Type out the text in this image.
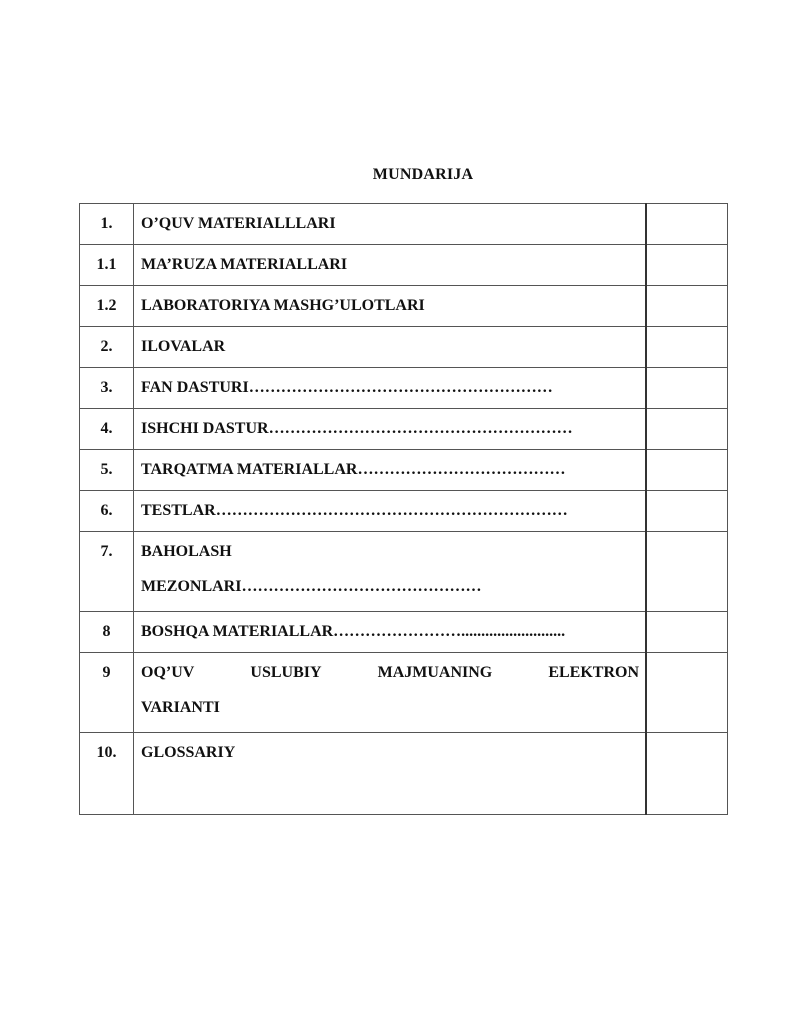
MUNDARIJA
1.	O’QUV MATERIALLLARI	
1.1	MA’RUZA MATERIALLARI	
1.2	LABORATORIYA MASHG’ULOTLARI	
2.	ILOVALAR	
3.	FAN DASTURI…………………………………………………	
4.	ISHCHI DASTUR…………………………………………………	
5.	TARQATMA MATERIALLAR…………………………………	
6.	TESTLAR…………………………………………………………	
7.	BAHOLASH
MEZONLARI………………………………………	

8	BOSHQA MATERIALLAR……………………..........................	
9	OQ’UV USLUBIY MAJMUANING ELEKTRON
VARIANTI	

10.	GLOSSARIY	
